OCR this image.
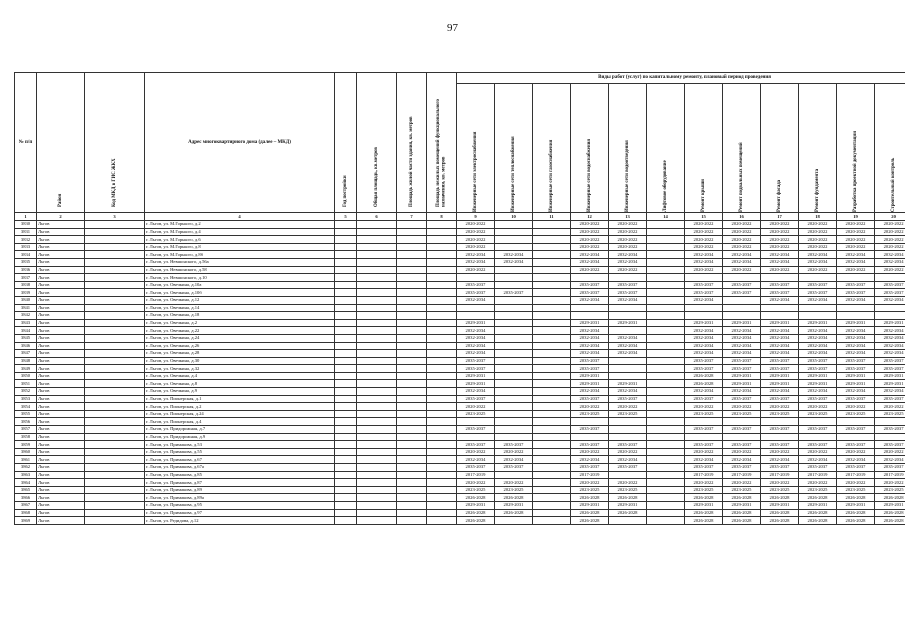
97
№ п/п	Район	Код МКД в ГИС ЖКХ	Адрес многоквартирного дома (далее – МКД)	Год постройки	Общая площадь, кв.метров	Площадь жилой части здания, кв. метров	Площадь нежилых помещений функционального назначения, кв. метров	Виды работ (услуг) по капитальному ремонту, плановый период проведения											

								Инженерные сети электроснабжения	Инженерные сети теплоснабжения	Инженерные сети газоснабжения	Инженерные сети водоснабжения	Инженерные сети водоотведения	Лифтовое оборудование	Ремонт крыши	Ремонт подвальных помещений	Ремонт фасада	Ремонт фундамента	Разработка проектной документации	Строительный контроль

1	2	3	4	5	6	7	8	9	10	11	12	13	14	15	16	17	18	19	20
3830	Льгов		г. Льгов, ул. М.Горького, д.2					2020-2022			2020-2022	2020-2022		2020-2022	2020-2022	2020-2022	2020-2022	2020-2022	2020-2022
3831	Льгов		г. Льгов, ул. М.Горького, д.4					2020-2022			2020-2022	2020-2022		2020-2022	2020-2022	2020-2022	2020-2022	2020-2022	2020-2022
3832	Льгов		г. Льгов, ул. М.Горького, д.6					2020-2022			2020-2022	2020-2022		2020-2022	2020-2022	2020-2022	2020-2022	2020-2022	2020-2022
3833	Льгов		г. Льгов, ул. М.Горького, д.8					2020-2022			2020-2022	2020-2022		2020-2022	2020-2022	2020-2022	2020-2022	2020-2022	2020-2022
3834	Льгов		г. Льгов, ул. М.Горького, д.8б					2032-2034	2032-2034		2032-2034	2032-2034		2032-2034	2032-2034	2032-2034	2032-2034	2032-2034	2032-2034
3835	Льгов		г. Льгов, ул. Невшонского, д.56а					2032-2034	2032-2034		2032-2034	2032-2034		2032-2034	2032-2034	2032-2034	2032-2034	2032-2034	2032-2034
3836	Льгов		г. Льгов, ул. Невшонского, д.58					2020-2022			2020-2022	2020-2022		2020-2022	2020-2022	2020-2022	2020-2022	2020-2022	2020-2022
3837	Льгов		г. Льгов, ул. Невшонского, д.10																
3838	Льгов		г. Льгов, ул. Овечкина, д.10а					2035-2037			2035-2037	2035-2037		2035-2037	2035-2037	2035-2037	2035-2037	2035-2037	2035-2037
3839	Льгов		г. Льгов, ул. Овечкина, д.10б					2035-2037	2035-2037		2035-2037	2035-2037		2035-2037	2035-2037	2035-2037	2035-2037	2035-2037	2035-2037
3840	Льгов		г. Льгов, ул. Овечкина, д.12					2032-2034			2032-2034	2032-2034		2032-2034		2032-2034	2032-2034	2032-2034	2032-2034
3841	Льгов		г. Льгов, ул. Овечкина, д.14																
3842	Льгов		г. Льгов, ул. Овечкина, д.18																
3843	Льгов		г. Льгов, ул. Овечкина, д.2					2029-2031			2029-2031	2029-2031		2029-2031	2029-2031	2029-2031	2029-2031	2029-2031	2029-2031
3844	Льгов		г. Льгов, ул. Овечкина, д.22					2032-2034			2032-2034			2032-2034	2032-2034	2032-2034	2032-2034	2032-2034	2032-2034
3845	Льгов		г. Льгов, ул. Овечкина, д.24					2032-2034			2032-2034	2032-2034		2032-2034	2032-2034	2032-2034	2032-2034	2032-2034	2032-2034
3846	Льгов		г. Льгов, ул. Овечкина, д.26					2032-2034			2032-2034	2032-2034		2032-2034	2032-2034	2032-2034	2032-2034	2032-2034	2032-2034
3847	Льгов		г. Льгов, ул. Овечкина, д.28					2032-2034			2032-2034	2032-2034		2032-2034	2032-2034	2032-2034	2032-2034	2032-2034	2032-2034
3848	Льгов		г. Льгов, ул. Овечкина, д.30					2035-2037			2035-2037			2035-2037	2035-2037	2035-2037	2035-2037	2035-2037	2035-2037
3849	Льгов		г. Льгов, ул. Овечкина, д.32					2035-2037			2035-2037			2035-2037	2035-2037	2035-2037	2035-2037	2035-2037	2035-2037
3850	Льгов		г. Льгов, ул. Овечкина, д.4					2029-2031			2029-2031			2026-2028	2029-2031	2029-2031	2029-2031	2029-2031	2029-2031
3851	Льгов		г. Льгов, ул. Овечкина, д.8					2029-2031			2029-2031	2029-2031		2026-2028	2029-2031	2029-2031	2029-2031	2029-2031	2029-2031
3852	Льгов		г. Льгов, ул. Овечкина, д.9					2032-2034			2032-2034	2032-2034		2032-2034	2032-2034	2032-2034	2032-2034	2032-2034	2032-2034
3853	Льгов		г. Льгов, ул. Пионерская, д.1					2035-2037			2035-2037	2035-2037		2035-2037	2035-2037	2035-2037	2035-2037	2035-2037	2035-2037
3854	Льгов		г. Льгов, ул. Пионерская, д.2					2020-2022			2020-2022	2020-2022		2020-2022	2020-2022	2020-2022	2020-2022	2020-2022	2020-2022
3855	Льгов		г. Льгов, ул. Пионерская, д.24					2023-2025			2023-2025	2023-2025		2023-2025	2023-2025	2023-2025	2023-2025	2023-2025	2023-2025
3856	Льгов		г. Льгов, ул. Пионерская, д.4																
3857	Льгов		г. Льгов, ул. Придорожная, д.7					2035-2037			2035-2037			2035-2037	2035-2037	2035-2037	2035-2037	2035-2037	2035-2037
3858	Льгов		г. Льгов, ул. Придорожная, д.9																
3859	Льгов		г. Льгов, ул. Примакова, д.53					2035-2037	2035-2037		2035-2037	2035-2037		2035-2037	2035-2037	2035-2037	2035-2037	2035-2037	2035-2037
3860	Льгов		г. Льгов, ул. Примакова, д.55					2020-2022	2020-2022		2020-2022	2020-2022		2020-2022	2020-2022	2020-2022	2020-2022	2020-2022	2020-2022
3861	Льгов		г. Льгов, ул. Примакова, д.67					2032-2034	2032-2034		2032-2034	2032-2034		2032-2034	2032-2034	2032-2034	2032-2034	2032-2034	2032-2034
3862	Льгов		г. Льгов, ул. Примакова, д.67а					2035-2037	2035-2037		2035-2037	2035-2037		2035-2037	2035-2037	2035-2037	2035-2037	2035-2037	2035-2037
3863	Льгов		г. Льгов, ул. Примакова, д.85					2017-2019			2017-2019			2017-2019	2017-2019	2017-2019	2017-2019	2017-2019	2017-2019
3864	Льгов		г. Льгов, ул. Примакова, д.87					2020-2022	2020-2022		2020-2022	2020-2022		2020-2022	2020-2022	2020-2022	2020-2022	2020-2022	2020-2022
3865	Льгов		г. Льгов, ул. Примакова, д.89					2023-2025	2023-2025		2023-2025	2023-2025		2023-2025	2023-2025	2023-2025	2023-2025	2023-2025	2023-2025
3866	Льгов		г. Льгов, ул. Примакова, д.89а					2026-2028	2026-2028		2026-2028	2026-2028		2026-2028	2026-2028	2026-2028	2026-2028	2026-2028	2026-2028
3867	Льгов		г. Льгов, ул. Примакова, д.95					2029-2031	2029-2031		2029-2031	2029-2031		2029-2031	2029-2031	2029-2031	2029-2031	2029-2031	2029-2031
3868	Льгов		г. Льгов, ул. Примакова, д.97					2026-2028	2026-2028		2026-2028	2026-2028		2026-2028	2026-2028	2026-2028	2026-2028	2026-2028	2026-2028
3869	Льгов		г. Льгов, ул. Редидова, д.12					2026-2028			2026-2028			2026-2028	2026-2028	2026-2028	2026-2028	2026-2028	2026-2028
